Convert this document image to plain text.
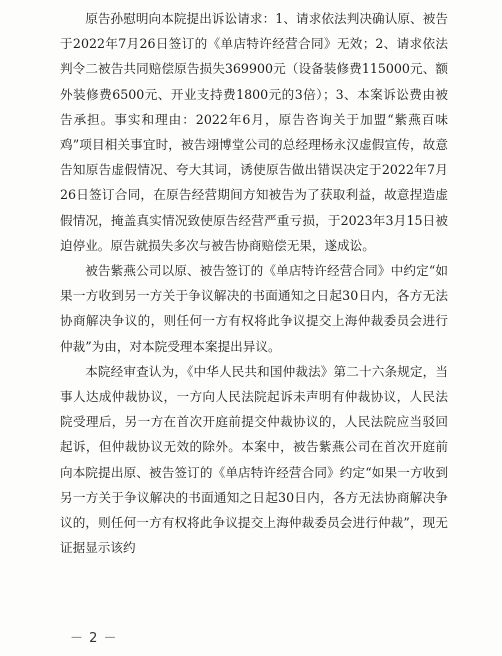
原告孙慰明向本院提出诉讼请求：1、请求依法判决确认原、被告于2022年7月26日签订的《单店特许经营合同》无效；2、请求依法判令二被告共同赔偿原告损失369900元（设备装修费115000元、额外装修费6500元、开业支持费1800元的3倍）；3、本案诉讼费由被告承担。事实和理由：2022年6月，原告咨询关于加盟“紫燕百味鸡”项目相关事宜时，被告翊博堂公司的总经理杨永汉虚假宣传，故意告知原告虚假情况、夸大其词，诱使原告做出错误决定于2022年7月26日签订合同，在原告经营期间方知被告为了获取利益，故意捏造虚假情况，掩盖真实情况致使原告经营严重亏损，于2023年3月15日被迫停业。原告就损失多次与被告协商赔偿无果，遂成讼。

被告紫燕公司以原、被告签订的《单店特许经营合同》中约定“如果一方收到另一方关于争议解决的书面通知之日起30日内，各方无法协商解决争议的，则任何一方有权将此争议提交上海仲裁委员会进行仲裁”为由，对本院受理本案提出异议。

本院经审查认为，《中华人民共和国仲裁法》第二十六条规定，当事人达成仲裁协议，一方向人民法院起诉未声明有仲裁协议，人民法院受理后，另一方在首次开庭前提交仲裁协议的，人民法院应当驳回起诉，但仲裁协议无效的除外。本案中，被告紫燕公司在首次开庭前向本院提出原、被告签订的《单店特许经营合同》约定“如果一方收到另一方关于争议解决的书面通知之日起30日内，各方无法协商解决争议的，则任何一方有权将此争议提交上海仲裁委员会进行仲裁”，现无证据显示该约

－ 2 －
